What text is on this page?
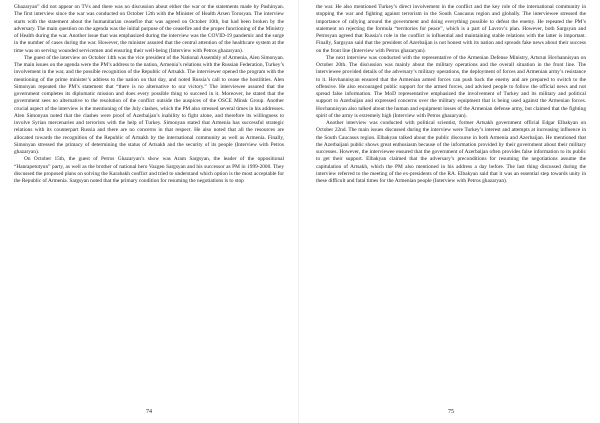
Ghazaryan” did not appear on TVs and there was no discussion about either the war or the statements made by Pashinyan. The first interview since the war was conducted on October 12th with the Minister of Health Arsen Torosyan. The interview starts with the statement about the humanitarian ceasefire that was agreed on October 10th, but had been broken by the adversary. The main question on the agenda was the initial purpose of the ceasefire and the proper functioning of the Ministry of Health during the war. Another issue that was emphasized during the interview was the COVID-19 pandemic and the surge in the number of cases during the war. However, the minister assured that the central attention of the healthcare system at the time was on serving wounded servicemen and ensuring their well-being (Interview with Petros ghazaryan).

The guest of the interview on October 14th was the vice president of the National Assembly of Armenia, Alen Simonyan. The main issues on the agenda were the PM’s address to the nation, Armenia’s relations with the Russian Federation, Turkey’s involvement in the war, and the possible recognition of the Republic of Artsakh. The interviewer opened the program with the mentioning of the prime minister’s address to the nation on that day, and noted Russia’s call to cease the hostilities. Alen Simonyan repeated the PM’s statement that “there is no alternative to our victory.” The interviewee assured that the government completes its diplomatic mission and does every possible thing to succeed in it. Moreover, he stated that the government sees no alternative to the resolution of the conflict outside the auspices of the OSCE Minsk Group. Another crucial aspect of the interview is the mentioning of the July clashes, which the PM also stressed several times in his addresses. Alen Simonyan noted that the clashes were proof of Azerbaijan’s inability to fight alone, and therefore its willingness to involve Syrian mercenaries and terrorists with the help of Turkey. Simonyan stated that Armenia has successful strategic relations with its counterpart Russia and there are no concerns in that respect. He also noted that all the resources are allocated towards the recognition of the Republic of Artsakh by the international community as well as Armenia. Finally, Simonyan stressed the primacy of determining the status of Artsakh and the security of its people (Interview with Petros ghazaryan).

On October 15th, the guest of Petros Ghazaryan’s show was Aram Sargsyan, the leader of the oppositional “Hanrapetutyun” party, as well as the brother of national hero Vazgen Sargsyan and his successor as PM in 1999-2000. They discussed the proposed plans on solving the Karabakh conflict and tried to understand which option is the most acceptable for the Republic of Armenia. Sargsyan noted that the primary condition for resuming the negotiations is to stop

74

the war. He also mentioned Turkey’s direct involvement in the conflict and the key role of the international community in stopping the war and fighting against terrorism in the South Caucasus region and globally. The interviewee stressed the importance of rallying around the government and doing everything possible to defeat the enemy. He repeated the PM’s statement on rejecting the formula “territories for peace”, which is a part of Lavrov’s plan. However, both Sargsyan and Petrosyan agreed that Russia’s role in the conflict is influential and maintaining stable relations with the latter is important. Finally, Sargsyan said that the president of Azerbaijan is not honest with its nation and spreads fake news about their success on the front line (Interview with Petros ghazaryan).

The next interview was conducted with the representative of the Armenian Defense Ministry, Artsrun Hovhannisyan on October 20th. The discussion was mainly about the military operations and the overall situation in the front line. The interviewee provided details of the adversary’s military operations, the deployment of forces and Armenian army’s resistance to it. Hovhannisyan ensured that the Armenian armed forces can push back the enemy and are prepared to switch to the offensive. He also encouraged public support for the armed forces, and advised people to follow the official news and not spread false information. The MoD representative emphasized the involvement of Turkey and its military and political support to Azerbaijan and expressed concerns over the military equipment that is being used against the Armenian forces. Hovhannisyan also talked about the human and equipment losses of the Armenian defense army, but claimed that the fighting spirit of the army is extremely high (Interview with Petros ghazaryan).

Another interview was conducted with political scientist, former Artsakh government official Edgar Elbakyan on October 22nd. The main issues discussed during the interview were Turkey’s interest and attempts at increasing influence in the South Caucasus region. Elbakyan talked about the public discourse in both Armenia and Azerbaijan. He mentioned that the Azerbaijani public shows great enthusiasm because of the information provided by their government about their military successes. However, the interviewee ensured that the government of Azerbaijan often provides false information to its public to get their support. Elbakyan claimed that the adversary’s preconditions for resuming the negotiations assume the capitulation of Artsakh, which the PM also mentioned in his address a day before. The last thing discussed during the interview referred to the meeting of the ex-presidents of the RA. Elbakyan said that it was an essential step towards unity in these difficult and fatal times for the Armenian people (Interview with Petros ghazaryan).

75
